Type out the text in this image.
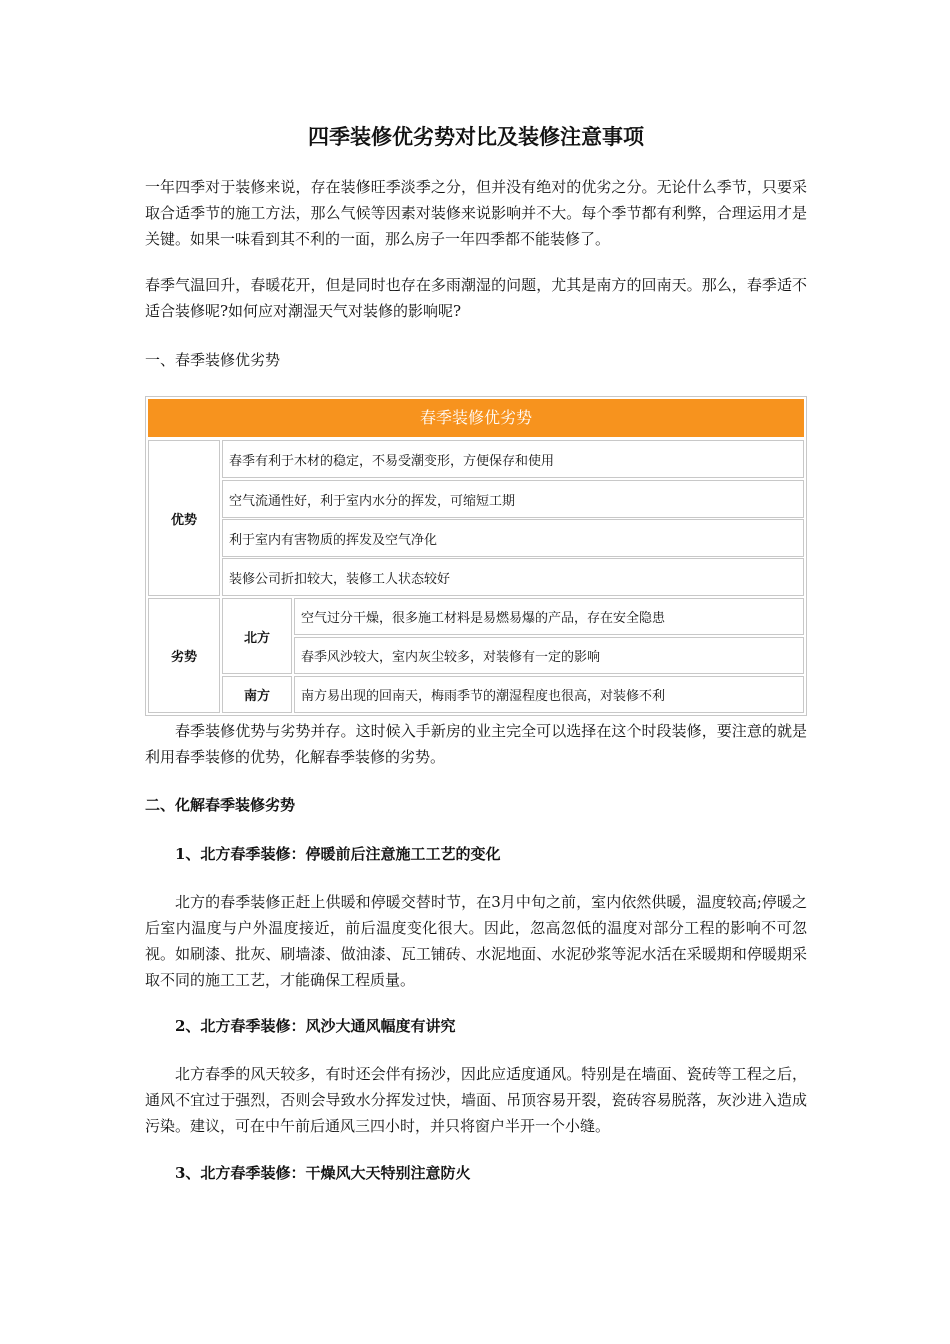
四季装修优劣势对比及装修注意事项

一年四季对于装修来说，存在装修旺季淡季之分，但并没有绝对的优劣之分。无论什么季节，只要采取合适季节的施工方法，那么气候等因素对装修来说影响并不大。每个季节都有利弊，合理运用才是关键。如果一味看到其不利的一面，那么房子一年四季都不能装修了。

春季气温回升，春暖花开，但是同时也存在多雨潮湿的问题，尤其是南方的回南天。那么，春季适不适合装修呢?如何应对潮湿天气对装修的影响呢?

一、春季装修优劣势

春季装修优劣势
优势
春季有利于木材的稳定，不易受潮变形，方便保存和使用
空气流通性好，利于室内水分的挥发，可缩短工期
利于室内有害物质的挥发及空气净化
装修公司折扣较大，装修工人状态较好
劣势
北方
空气过分干燥，很多施工材料是易燃易爆的产品，存在安全隐患
春季风沙较大，室内灰尘较多，对装修有一定的影响
南方	南方易出现的回南天，梅雨季节的潮湿程度也很高，对装修不利

春季装修优势与劣势并存。这时候入手新房的业主完全可以选择在这个时段装修，要注意的就是利用春季装修的优势，化解春季装修的劣势。

二、化解春季装修劣势

1、北方春季装修：停暖前后注意施工工艺的变化

北方的春季装修正赶上供暖和停暖交替时节，在3月中旬之前，室内依然供暖，温度较高;停暖之后室内温度与户外温度接近，前后温度变化很大。因此，忽高忽低的温度对部分工程的影响不可忽视。如刷漆、批灰、刷墙漆、做油漆、瓦工铺砖、水泥地面、水泥砂浆等泥水活在采暖期和停暖期采取不同的施工工艺，才能确保工程质量。

2、北方春季装修：风沙大通风幅度有讲究

北方春季的风天较多，有时还会伴有扬沙，因此应适度通风。特别是在墙面、瓷砖等工程之后，通风不宜过于强烈，否则会导致水分挥发过快，墙面、吊顶容易开裂，瓷砖容易脱落，灰沙进入造成污染。建议，可在中午前后通风三四小时，并只将窗户半开一个小缝。

3、北方春季装修：干燥风大天特别注意防火
